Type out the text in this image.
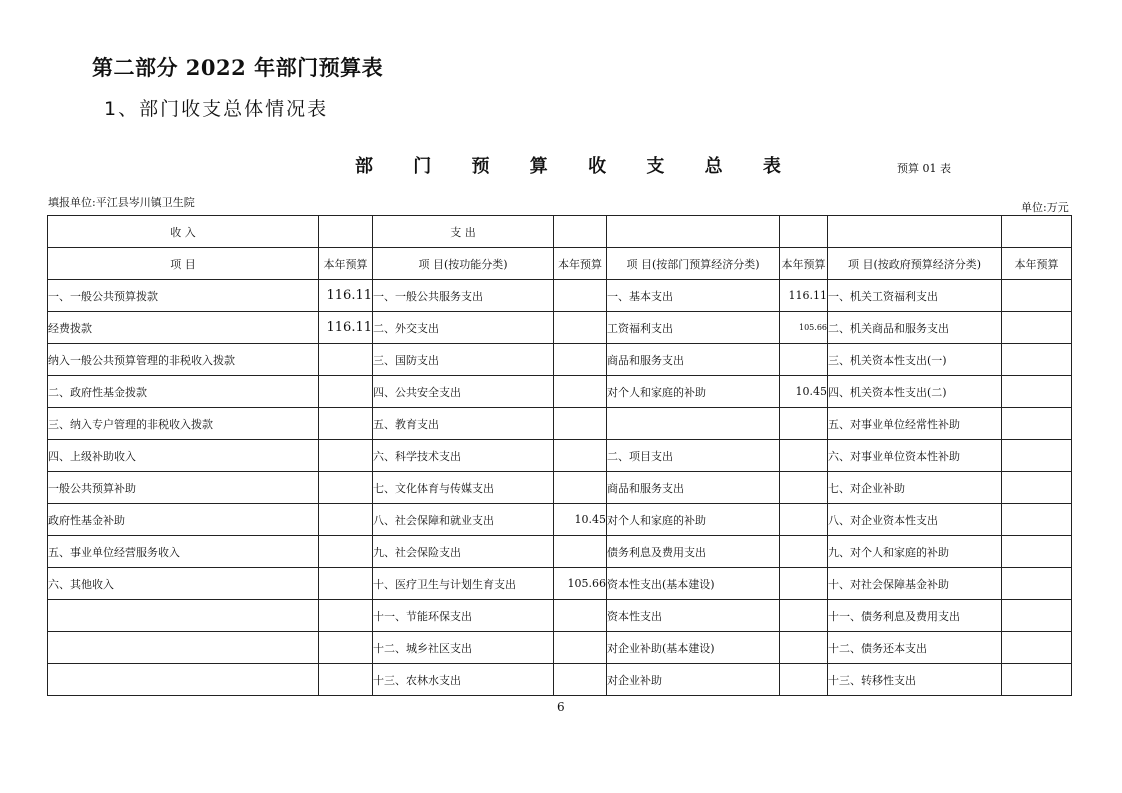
第二部分 2022 年部门预算表
1、部门收支总体情况表
部 门 预 算 收 支 总 表	预算 01 表
填报单位:平江县岑川镇卫生院	单位:万元
收 入		支 出					
项 目	本年预算	项 目(按功能分类)	本年预算	项 目(按部门预算经济分类)	本年预算	项 目(按政府预算经济分类)	本年预算
一、一般公共预算拨款	116.11	一、一般公共服务支出		一、基本支出	116.11	一、机关工资福利支出	
经费拨款	116.11	二、外交支出		工资福利支出	105.66	二、机关商品和服务支出	
纳入一般公共预算管理的非税收入拨款		三、国防支出		商品和服务支出		三、机关资本性支出(一)	
二、政府性基金拨款		四、公共安全支出		对个人和家庭的补助	10.45	四、机关资本性支出(二)	
三、纳入专户管理的非税收入拨款		五、教育支出				五、对事业单位经常性补助	
四、上级补助收入		六、科学技术支出		二、项目支出		六、对事业单位资本性补助	
一般公共预算补助		七、文化体育与传媒支出		商品和服务支出		七、对企业补助	
政府性基金补助		八、社会保障和就业支出	10.45	对个人和家庭的补助		八、对企业资本性支出	
五、事业单位经营服务收入		九、社会保险支出		债务利息及费用支出		九、对个人和家庭的补助	
六、其他收入		十、医疗卫生与计划生育支出	105.66	资本性支出(基本建设)		十、对社会保障基金补助	
		十一、节能环保支出		资本性支出		十一、债务利息及费用支出	
		十二、城乡社区支出		对企业补助(基本建设)		十二、债务还本支出	
		十三、农林水支出		对企业补助		十三、转移性支出	
6
